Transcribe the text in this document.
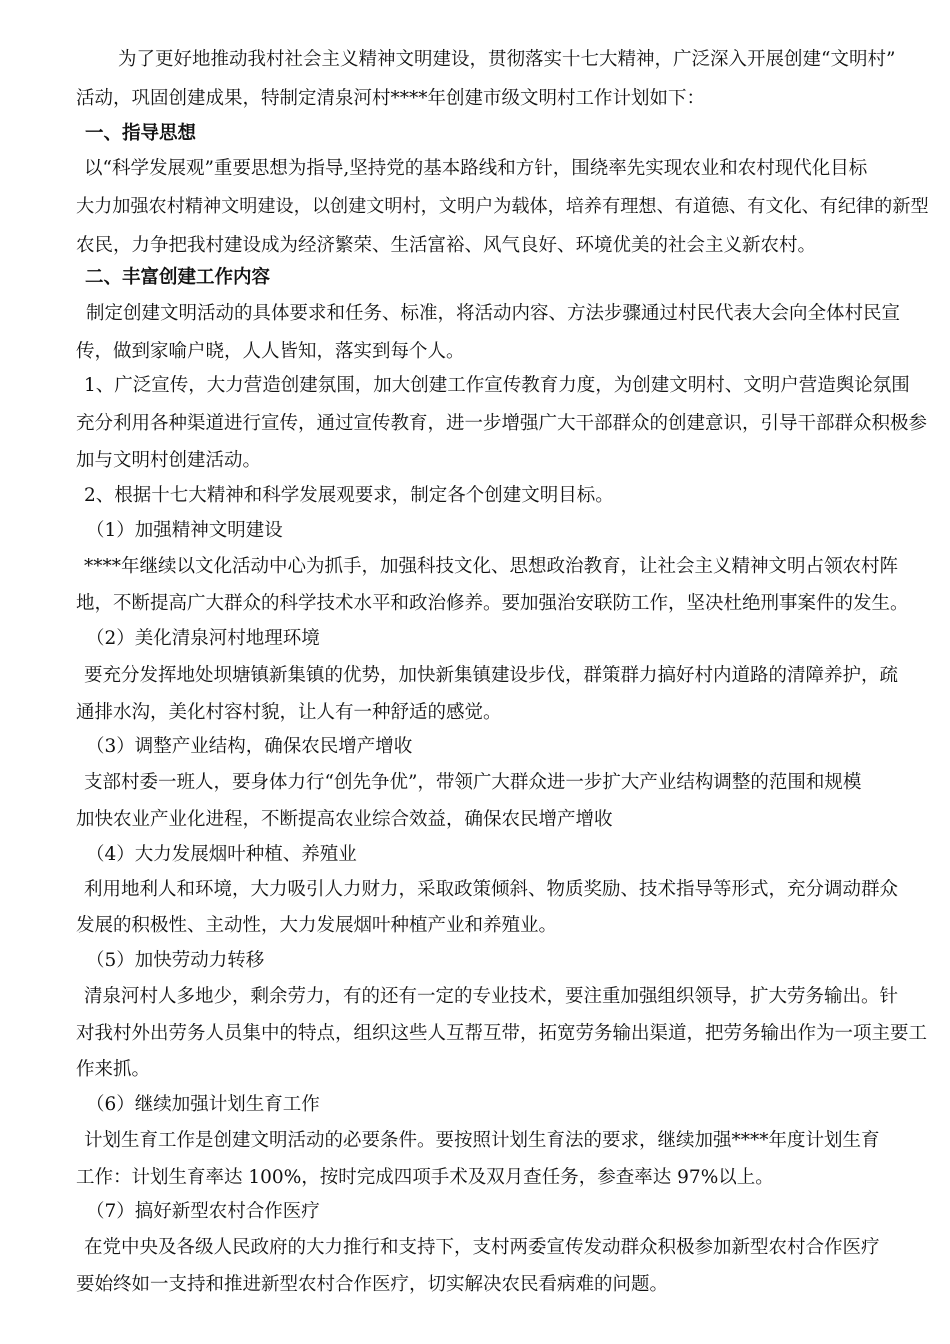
为了更好地推动我村社会主义精神文明建设，贯彻落实十七大精神，广泛深入开展创建“文明村”
活动，巩固创建成果，特制定清泉河村****年创建市级文明村工作计划如下：
一、指导思想
以“科学发展观”重要思想为指导,坚持党的基本路线和方针，围绕率先实现农业和农村现代化目标
大力加强农村精神文明建设，以创建文明村，文明户为载体，培养有理想、有道德、有文化、有纪律的新型
农民，力争把我村建设成为经济繁荣、生活富裕、风气良好、环境优美的社会主义新农村。
二、丰富创建工作内容
制定创建文明活动的具体要求和任务、标准，将活动内容、方法步骤通过村民代表大会向全体村民宣
传，做到家喻户晓，人人皆知，落实到每个人。
1、广泛宣传，大力营造创建氛围，加大创建工作宣传教育力度，为创建文明村、文明户营造舆论氛围
充分利用各种渠道进行宣传，通过宣传教育，进一步增强广大干部群众的创建意识，引导干部群众积极参
加与文明村创建活动。
2、根据十七大精神和科学发展观要求，制定各个创建文明目标。
（1）加强精神文明建设
****年继续以文化活动中心为抓手，加强科技文化、思想政治教育，让社会主义精神文明占领农村阵
地，不断提高广大群众的科学技术水平和政治修养。要加强治安联防工作，坚决杜绝刑事案件的发生。
（2）美化清泉河村地理环境
要充分发挥地处坝塘镇新集镇的优势，加快新集镇建设步伐，群策群力搞好村内道路的清障养护，疏
通排水沟，美化村容村貌，让人有一种舒适的感觉。
（3）调整产业结构，确保农民增产增收
支部村委一班人，要身体力行“创先争优”，带领广大群众进一步扩大产业结构调整的范围和规模
加快农业产业化进程，不断提高农业综合效益，确保农民增产增收
（4）大力发展烟叶种植、养殖业
利用地利人和环境，大力吸引人力财力，采取政策倾斜、物质奖励、技术指导等形式，充分调动群众
发展的积极性、主动性，大力发展烟叶种植产业和养殖业。
（5）加快劳动力转移
清泉河村人多地少，剩余劳力，有的还有一定的专业技术，要注重加强组织领导，扩大劳务输出。针
对我村外出劳务人员集中的特点，组织这些人互帮互带，拓宽劳务输出渠道，把劳务输出作为一项主要工
作来抓。
（6）继续加强计划生育工作
计划生育工作是创建文明活动的必要条件。要按照计划生育法的要求，继续加强****年度计划生育
工作：计划生育率达 100%，按时完成四项手术及双月查任务，参查率达 97%以上。
（7）搞好新型农村合作医疗
在党中央及各级人民政府的大力推行和支持下，支村两委宣传发动群众积极参加新型农村合作医疗
要始终如一支持和推进新型农村合作医疗，切实解决农民看病难的问题。
